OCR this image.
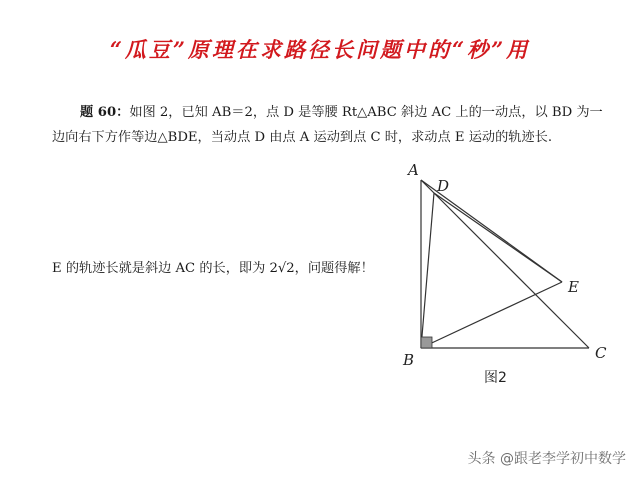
“瓜豆”原理在求路径长问题中的“秒”用
题 60：如图 2，已知 AB＝2，点 D 是等腰 Rt△ABC 斜边 AC 上的一动点，以 BD 为一
边向右下方作等边△BDE，当动点 D 由点 A 运动到点 C 时，求动点 E 运动的轨迹长.
E 的轨迹长就是斜边 AC 的长，即为 2√2，问题得解！
A
D
E
B	C
图2
头条 @跟老李学初中数学
